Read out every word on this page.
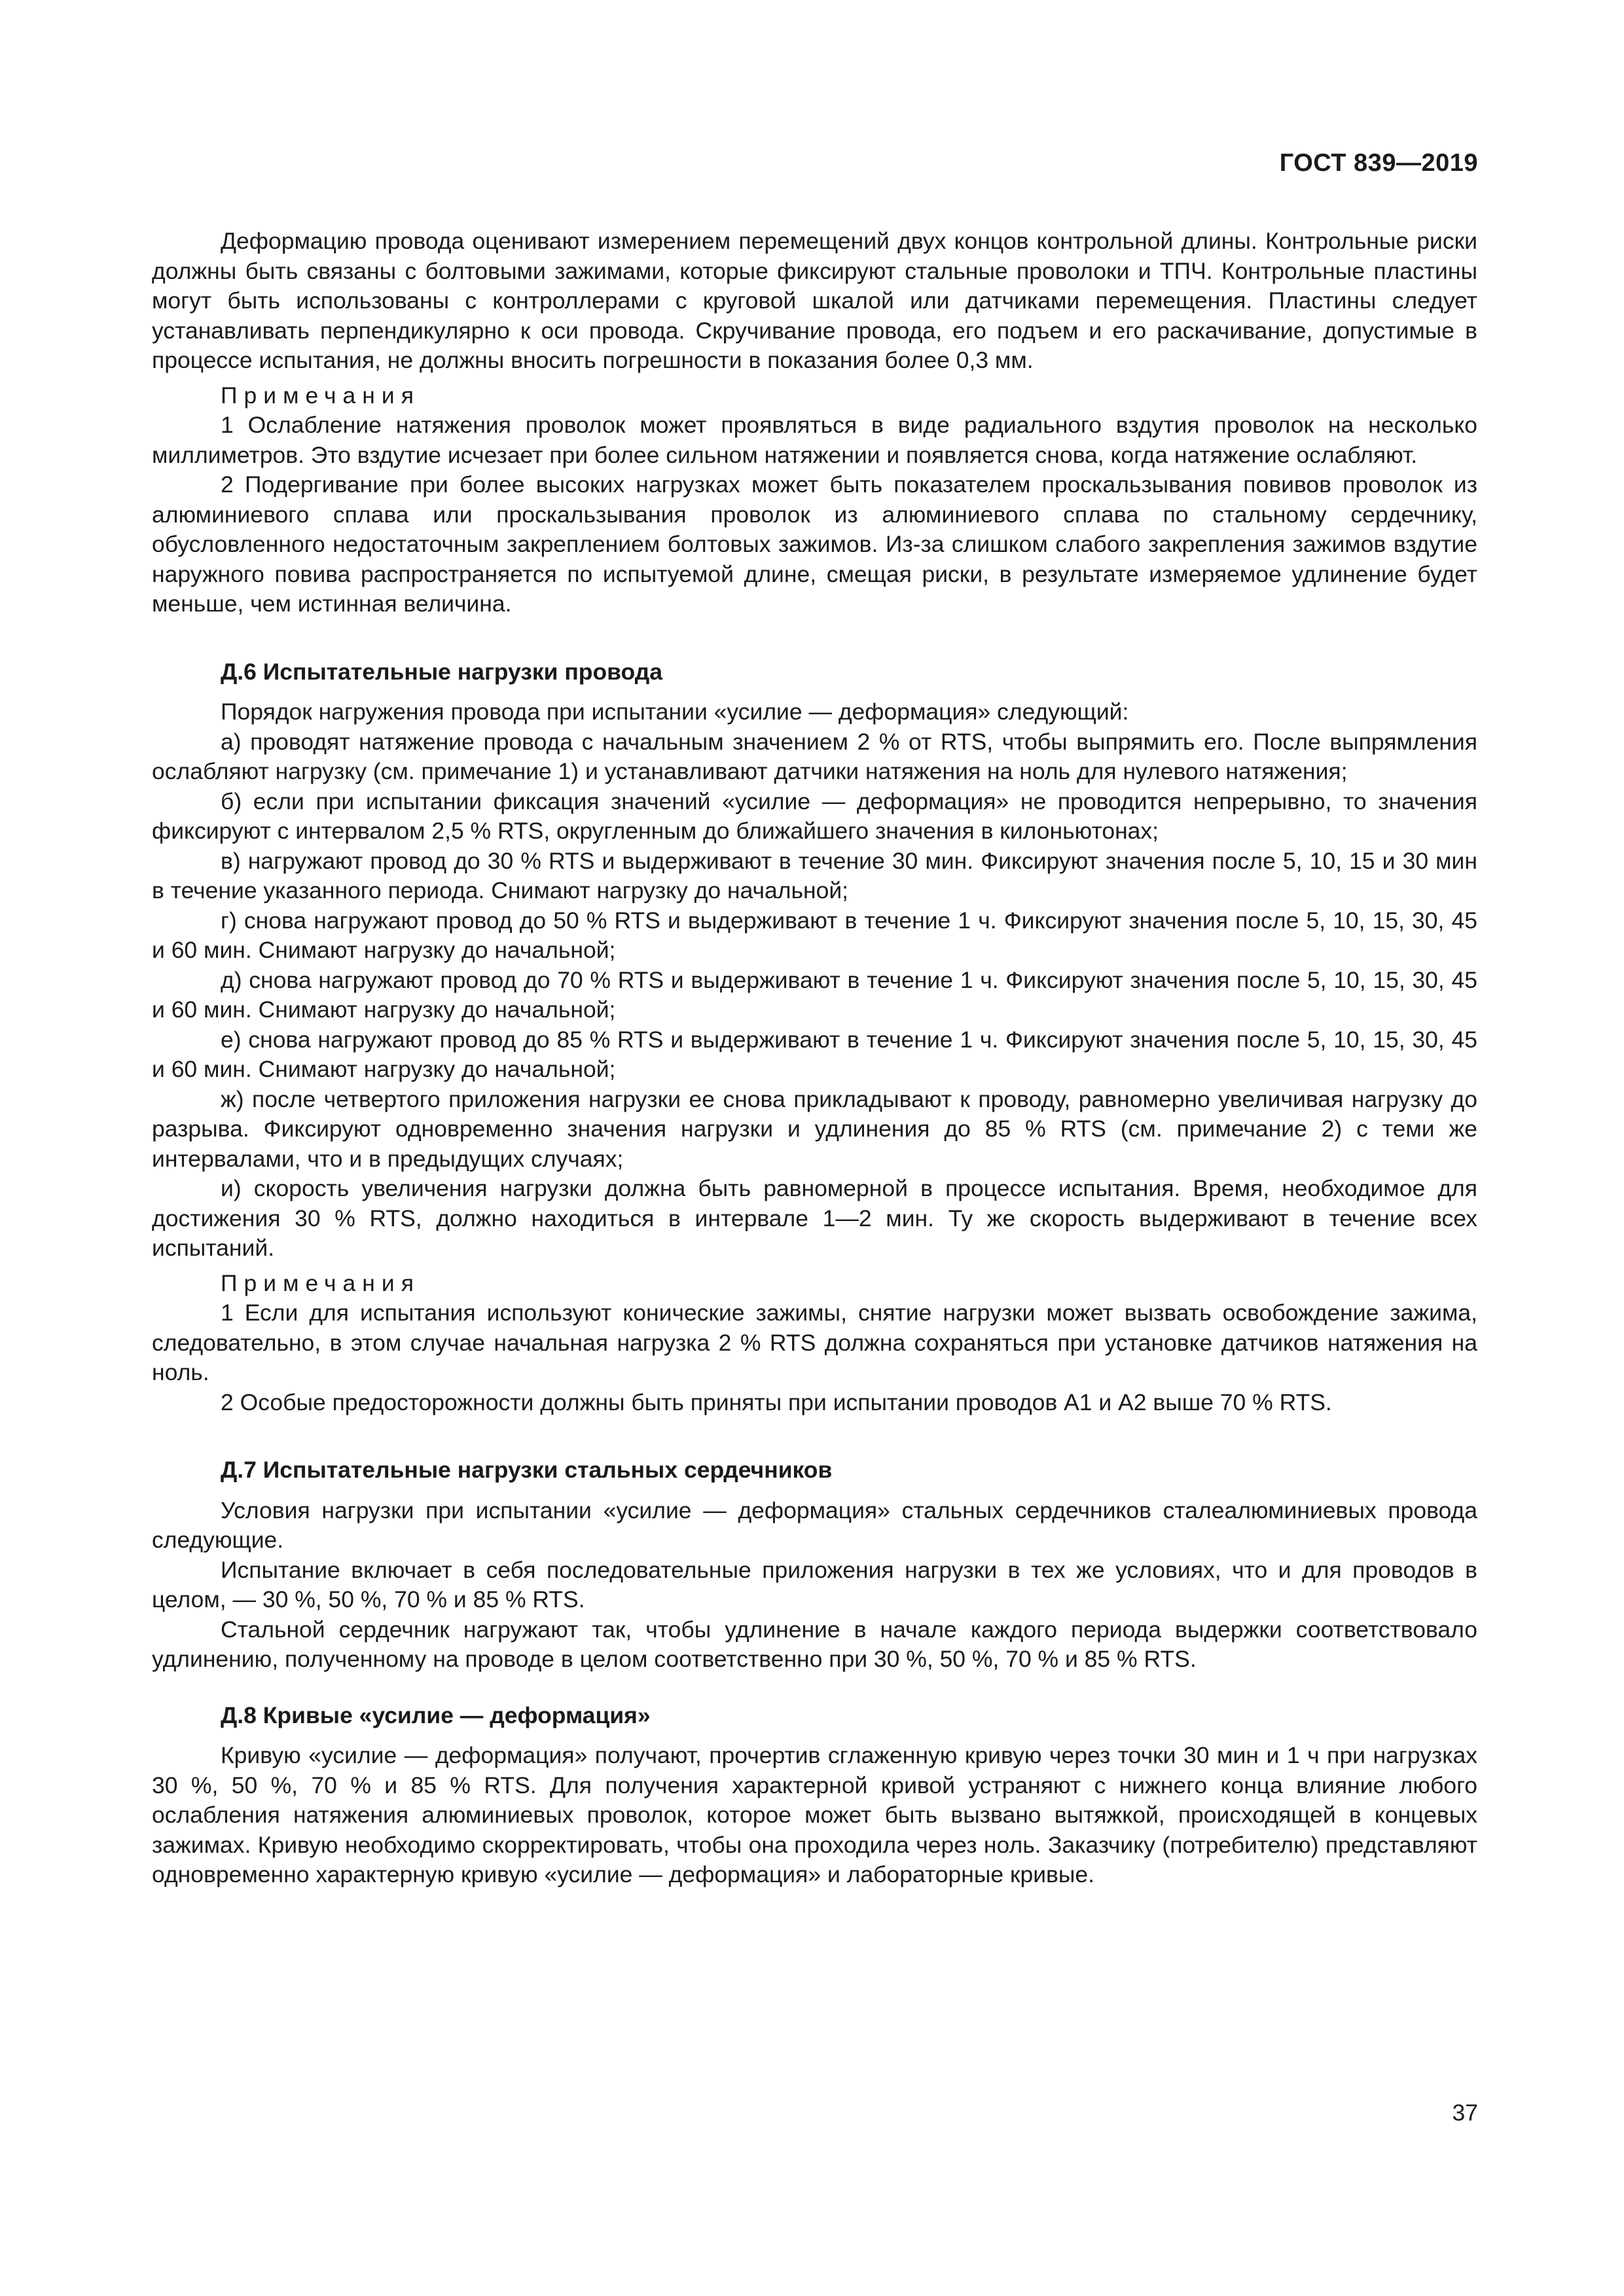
ГОСТ 839—2019

Деформацию провода оценивают измерением перемещений двух концов контрольной длины. Контрольные риски должны быть связаны с болтовыми зажимами, которые фиксируют стальные проволоки и ТПЧ. Контрольные пластины могут быть использованы с контроллерами с круговой шкалой или датчиками перемещения. Пластины следует устанавливать перпендикулярно к оси провода. Скручивание провода, его подъем и его раскачивание, допустимые в процессе испытания, не должны вносить погрешности в показания более 0,3 мм.

Примечания

1 Ослабление натяжения проволок может проявляться в виде радиального вздутия проволок на несколько миллиметров. Это вздутие исчезает при более сильном натяжении и появляется снова, когда натяжение ослабляют.

2 Подергивание при более высоких нагрузках может быть показателем проскальзывания повивов проволок из алюминиевого сплава или проскальзывания проволок из алюминиевого сплава по стальному сердечнику, обусловленного недостаточным закреплением болтовых зажимов. Из-за слишком слабого закрепления зажимов вздутие наружного повива распространяется по испытуемой длине, смещая риски, в результате измеряемое удлинение будет меньше, чем истинная величина.

Д.6 Испытательные нагрузки провода

Порядок нагружения провода при испытании «усилие — деформация» следующий:

а) проводят натяжение провода с начальным значением 2 % от RTS, чтобы выпрямить его. После выпрямления ослабляют нагрузку (см. примечание 1) и устанавливают датчики натяжения на ноль для нулевого натяжения;

б) если при испытании фиксация значений «усилие — деформация» не проводится непрерывно, то значения фиксируют с интервалом 2,5 % RTS, округленным до ближайшего значения в килоньютонах;

в) нагружают провод до 30 % RTS и выдерживают в течение 30 мин. Фиксируют значения после 5, 10, 15 и 30 мин в течение указанного периода. Снимают нагрузку до начальной;

г) снова нагружают провод до 50 % RTS и выдерживают в течение 1 ч. Фиксируют значения после 5, 10, 15, 30, 45 и 60 мин. Снимают нагрузку до начальной;

д) снова нагружают провод до 70 % RTS и выдерживают в течение 1 ч. Фиксируют значения после 5, 10, 15, 30, 45 и 60 мин. Снимают нагрузку до начальной;

е) снова нагружают провод до 85 % RTS и выдерживают в течение 1 ч. Фиксируют значения после 5, 10, 15, 30, 45 и 60 мин. Снимают нагрузку до начальной;

ж) после четвертого приложения нагрузки ее снова прикладывают к проводу, равномерно увеличивая нагрузку до разрыва. Фиксируют одновременно значения нагрузки и удлинения до 85 % RTS (см. примечание 2) с теми же интервалами, что и в предыдущих случаях;

и) скорость увеличения нагрузки должна быть равномерной в процессе испытания. Время, необходимое для достижения 30 % RTS, должно находиться в интервале 1—2 мин. Ту же скорость выдерживают в течение всех испытаний.

Примечания

1 Если для испытания используют конические зажимы, снятие нагрузки может вызвать освобождение зажима, следовательно, в этом случае начальная нагрузка 2 % RTS должна сохраняться при установке датчиков натяжения на ноль.

2 Особые предосторожности должны быть приняты при испытании проводов А1 и А2 выше 70 % RTS.

Д.7 Испытательные нагрузки стальных сердечников

Условия нагрузки при испытании «усилие — деформация» стальных сердечников сталеалюминиевых провода следующие.

Испытание включает в себя последовательные приложения нагрузки в тех же условиях, что и для проводов в целом, — 30 %, 50 %, 70 % и 85 % RTS.

Стальной сердечник нагружают так, чтобы удлинение в начале каждого периода выдержки соответствовало удлинению, полученному на проводе в целом соответственно при 30 %, 50 %, 70 % и 85 % RTS.

Д.8 Кривые «усилие — деформация»

Кривую «усилие — деформация» получают, прочертив сглаженную кривую через точки 30 мин и 1 ч при нагрузках 30 %, 50 %, 70 % и 85 % RTS. Для получения характерной кривой устраняют с нижнего конца влияние любого ослабления натяжения алюминиевых проволок, которое может быть вызвано вытяжкой, происходящей в концевых зажимах. Кривую необходимо скорректировать, чтобы она проходила через ноль. Заказчику (потребителю) представляют одновременно характерную кривую «усилие — деформация» и лабораторные кривые.

37
